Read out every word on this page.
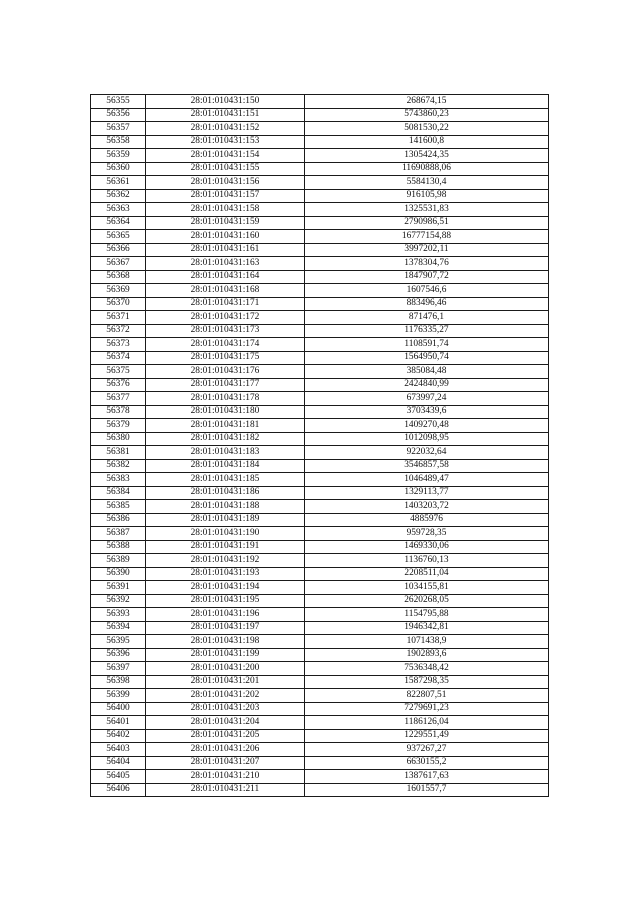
56355	28:01:010431:150	268674,15
56356	28:01:010431:151	5743860,23
56357	28:01:010431:152	5081530,22
56358	28:01:010431:153	141600,8
56359	28:01:010431:154	1305424,35
56360	28:01:010431:155	11690888,06
56361	28:01:010431:156	5584130,4
56362	28:01:010431:157	916105,98
56363	28:01:010431:158	1325531,83
56364	28:01:010431:159	2790986,51
56365	28:01:010431:160	16777154,88
56366	28:01:010431:161	3997202,11
56367	28:01:010431:163	1378304,76
56368	28:01:010431:164	1847907,72
56369	28:01:010431:168	1607546,6
56370	28:01:010431:171	883496,46
56371	28:01:010431:172	871476,1
56372	28:01:010431:173	1176335,27
56373	28:01:010431:174	1108591,74
56374	28:01:010431:175	1564950,74
56375	28:01:010431:176	385084,48
56376	28:01:010431:177	2424840,99
56377	28:01:010431:178	673997,24
56378	28:01:010431:180	3703439,6
56379	28:01:010431:181	1409270,48
56380	28:01:010431:182	1012098,95
56381	28:01:010431:183	922032,64
56382	28:01:010431:184	3546857,58
56383	28:01:010431:185	1046489,47
56384	28:01:010431:186	1329113,77
56385	28:01:010431:188	1403203,72
56386	28:01:010431:189	4885976
56387	28:01:010431:190	959728,35
56388	28:01:010431:191	1469330,06
56389	28:01:010431:192	1136760,13
56390	28:01:010431:193	2208511,04
56391	28:01:010431:194	1034155,81
56392	28:01:010431:195	2620268,05
56393	28:01:010431:196	1154795,88
56394	28:01:010431:197	1946342,81
56395	28:01:010431:198	1071438,9
56396	28:01:010431:199	1902893,6
56397	28:01:010431:200	7536348,42
56398	28:01:010431:201	1587298,35
56399	28:01:010431:202	822807,51
56400	28:01:010431:203	7279691,23
56401	28:01:010431:204	1186126,04
56402	28:01:010431:205	1229551,49
56403	28:01:010431:206	937267,27
56404	28:01:010431:207	6630155,2
56405	28:01:010431:210	1387617,63
56406	28:01:010431:211	1601557,7
